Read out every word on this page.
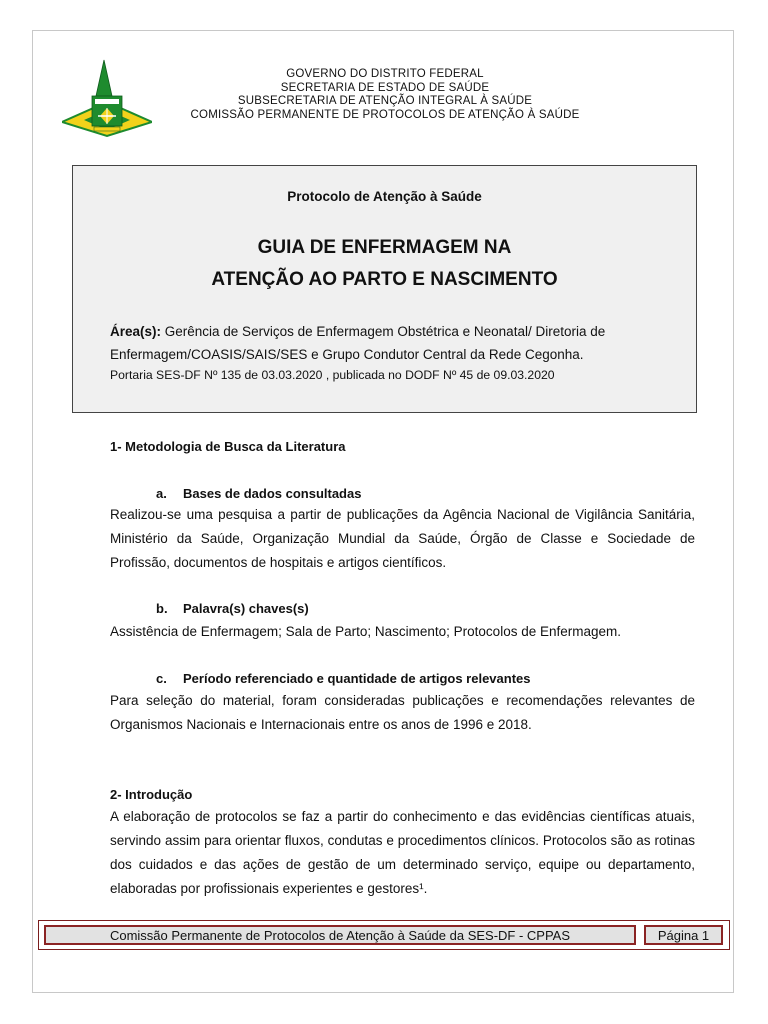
GOVERNO DO DISTRITO FEDERAL
SECRETARIA DE ESTADO DE SAÚDE
SUBSECRETARIA DE ATENÇÃO INTEGRAL À SAÚDE
COMISSÃO PERMANENTE DE PROTOCOLOS DE ATENÇÃO À SAÚDE
Protocolo de Atenção à Saúde
GUIA DE ENFERMAGEM NA
ATENÇÃO AO PARTO E NASCIMENTO
Área(s): Gerência de Serviços de Enfermagem Obstétrica e Neonatal/ Diretoria de Enfermagem/COASIS/SAIS/SES e Grupo Condutor Central da Rede Cegonha.
Portaria SES-DF Nº 135 de 03.03.2020 , publicada no DODF Nº 45 de 09.03.2020
1- Metodologia de Busca da Literatura
a. Bases de dados consultadas
Realizou-se uma pesquisa a partir de publicações da Agência Nacional de Vigilância Sanitária, Ministério da Saúde, Organização Mundial da Saúde, Órgão de Classe e Sociedade de Profissão, documentos de hospitais e artigos científicos.
b. Palavra(s) chaves(s)
Assistência de Enfermagem; Sala de Parto; Nascimento; Protocolos de Enfermagem.
c. Período referenciado e quantidade de artigos relevantes
Para seleção do material, foram consideradas publicações e recomendações relevantes de Organismos Nacionais e Internacionais entre os anos de 1996 e 2018.
2- Introdução
A elaboração de protocolos se faz a partir do conhecimento e das evidências científicas atuais, servindo assim para orientar fluxos, condutas e procedimentos clínicos. Protocolos são as rotinas dos cuidados e das ações de gestão de um determinado serviço, equipe ou departamento, elaboradas por profissionais experientes e gestores¹.
Comissão Permanente de Protocolos de Atenção à Saúde da SES-DF - CPPAS	Página 1
